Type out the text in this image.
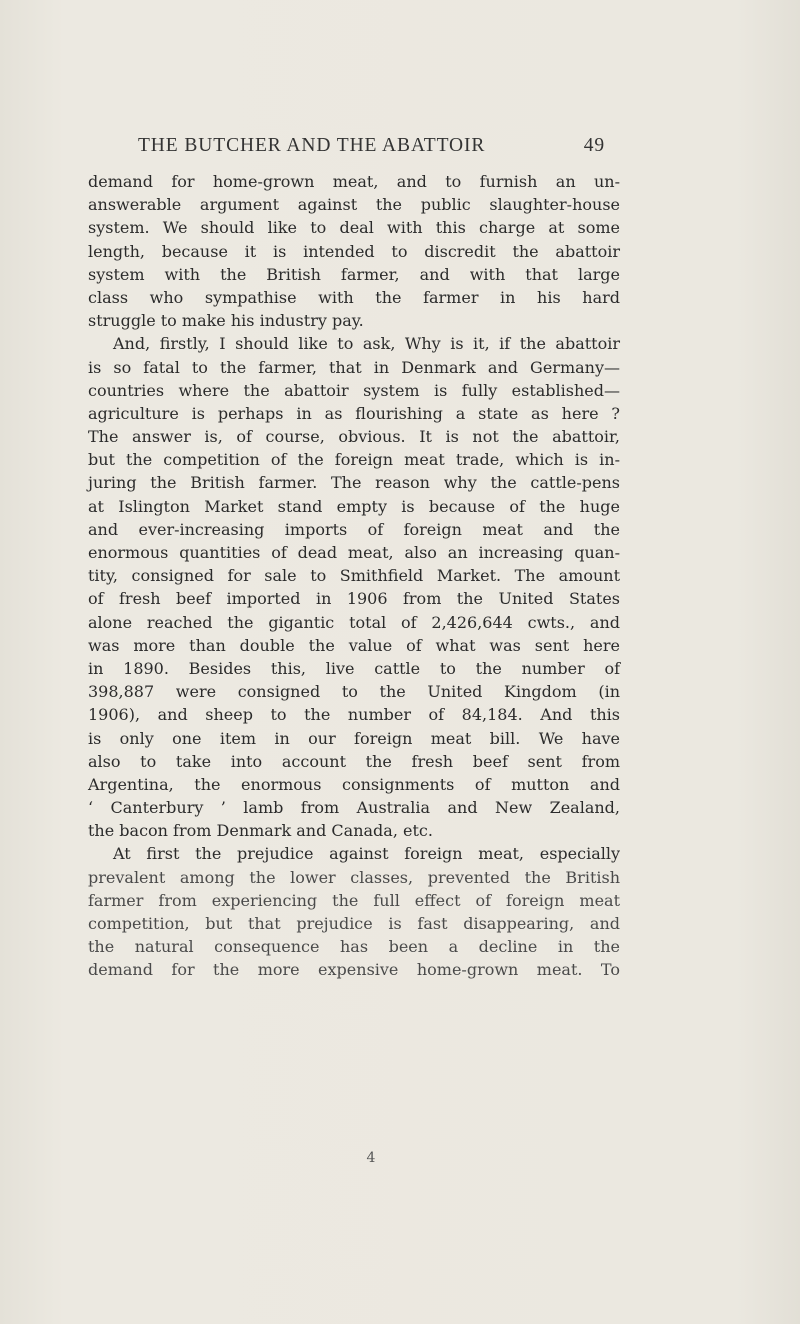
THE BUTCHER AND THE ABATTOIR	49
demand for home-grown meat, and to furnish an un-
answerable argument against the public slaughter-house
system. We should like to deal with this charge at some
length, because it is intended to discredit the abattoir
system with the British farmer, and with that large
class who sympathise with the farmer in his hard
struggle to make his industry pay.
And, firstly, I should like to ask, Why is it, if the abattoir
is so fatal to the farmer, that in Denmark and Germany—
countries where the abattoir system is fully established—
agriculture is perhaps in as flourishing a state as here ?
The answer is, of course, obvious. It is not the abattoir,
but the competition of the foreign meat trade, which is in-
juring the British farmer. The reason why the cattle-pens
at Islington Market stand empty is because of the huge
and ever-increasing imports of foreign meat and the
enormous quantities of dead meat, also an increasing quan-
tity, consigned for sale to Smithfield Market. The amount
of fresh beef imported in 1906 from the United States
alone reached the gigantic total of 2,426,644 cwts., and
was more than double the value of what was sent here
in 1890. Besides this, live cattle to the number of
398,887 were consigned to the United Kingdom (in
1906), and sheep to the number of 84,184. And this
is only one item in our foreign meat bill. We have
also to take into account the fresh beef sent from
Argentina, the enormous consignments of mutton and
‘ Canterbury ’ lamb from Australia and New Zealand,
the bacon from Denmark and Canada, etc.
At first the prejudice against foreign meat, especially
prevalent among the lower classes, prevented the British
farmer from experiencing the full effect of foreign meat
competition, but that prejudice is fast disappearing, and
the natural consequence has been a decline in the
demand for the more expensive home-grown meat. To
4
